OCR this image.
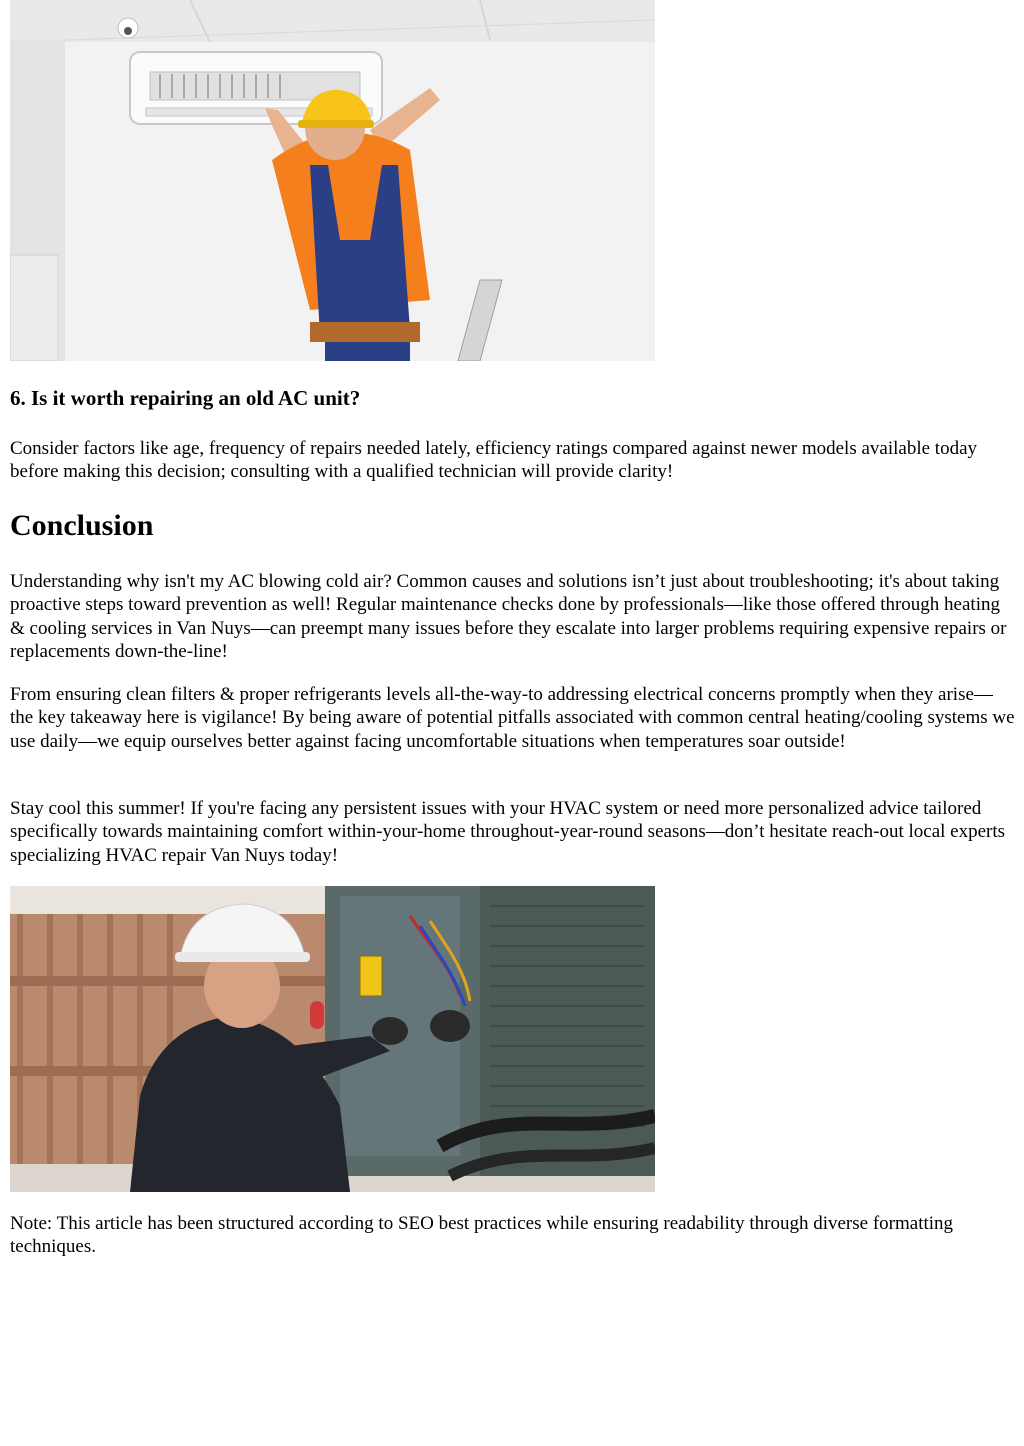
6. Is it worth repairing an old AC unit?

Consider factors like age, frequency of repairs needed lately, efficiency ratings compared against newer models available today before making this decision; consulting with a qualified technician will provide clarity!

Conclusion

Understanding why isn't my AC blowing cold air? Common causes and solutions isn’t just about troubleshooting; it's about taking proactive steps toward prevention as well! Regular maintenance checks done by professionals—like those offered through heating & cooling services in Van Nuys—can preempt many issues before they escalate into larger problems requiring expensive repairs or replacements down-the-line!

From ensuring clean filters & proper refrigerants levels all-the-way-to addressing electrical concerns promptly when they arise—the key takeaway here is vigilance! By being aware of potential pitfalls associated with common central heating/cooling systems we use daily—we equip ourselves better against facing uncomfortable situations when temperatures soar outside!

Stay cool this summer! If you're facing any persistent issues with your HVAC system or need more personalized advice tailored specifically towards maintaining comfort within-your-home throughout-year-round seasons—don’t hesitate reach-out local experts specializing HVAC repair Van Nuys today!

Note: This article has been structured according to SEO best practices while ensuring readability through diverse formatting techniques.
